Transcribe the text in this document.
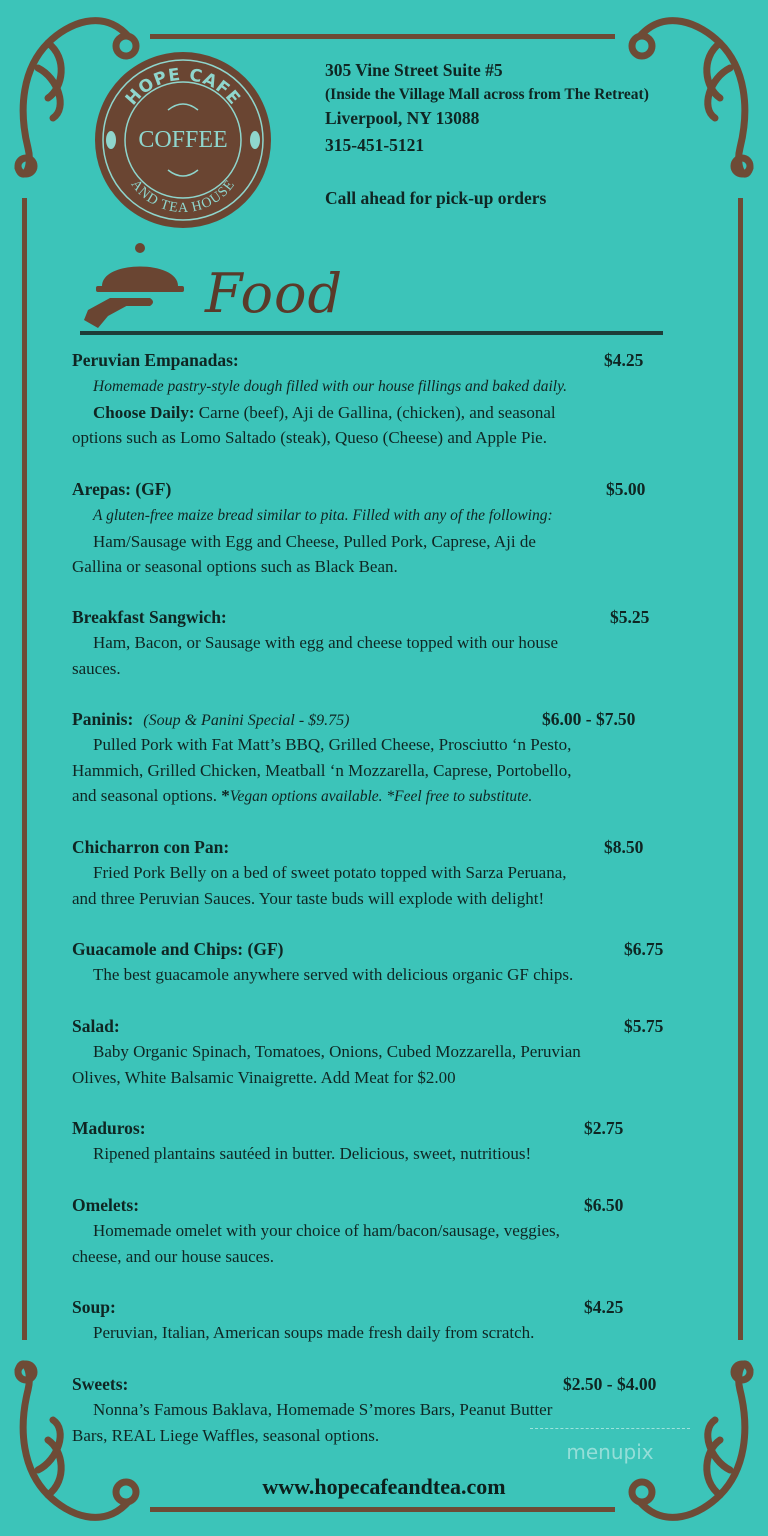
HOPE CAFE
AND TEA HOUSE
COFFEE
305 Vine Street Suite #5
(Inside the Village Mall across from The Retreat)
Liverpool, NY 13088
315-451-5121
Call ahead for pick-up orders
Food
Peruvian Empanadas:	$4.25
Homemade pastry-style dough filled with our house fillings and baked daily.
Choose Daily: Carne (beef), Aji de Gallina, (chicken), and seasonal
options such as Lomo Saltado (steak), Queso (Cheese) and Apple Pie.
Arepas: (GF)	$5.00
A gluten-free maize bread similar to pita. Filled with any of the following:
Ham/Sausage with Egg and Cheese, Pulled Pork, Caprese, Aji de
Gallina or seasonal options such as Black Bean.
Breakfast Sangwich:	$5.25
Ham, Bacon, or Sausage with egg and cheese topped with our house
sauces.
Paninis: (Soup & Panini Special - $9.75)	$6.00 - $7.50
Pulled Pork with Fat Matt’s BBQ, Grilled Cheese, Prosciutto ‘n Pesto,
Hammich, Grilled Chicken, Meatball ‘n Mozzarella, Caprese, Portobello,
and seasonal options. *Vegan options available. *Feel free to substitute.
Chicharron con Pan:	$8.50
Fried Pork Belly on a bed of sweet potato topped with Sarza Peruana,
and three Peruvian Sauces. Your taste buds will explode with delight!
Guacamole and Chips: (GF)	$6.75
The best guacamole anywhere served with delicious organic GF chips.
Salad:	$5.75
Baby Organic Spinach, Tomatoes, Onions, Cubed Mozzarella, Peruvian
Olives, White Balsamic Vinaigrette. Add Meat for $2.00
Maduros:	$2.75
Ripened plantains sautéed in butter. Delicious, sweet, nutritious!
Omelets:	$6.50
Homemade omelet with your choice of ham/bacon/sausage, veggies,
cheese, and our house sauces.
Soup:	$4.25
Peruvian, Italian, American soups made fresh daily from scratch.
Sweets:	$2.50 - $4.00
Nonna’s Famous Baklava, Homemade S’mores Bars, Peanut Butter
Bars, REAL Liege Waffles, seasonal options.
menupix
www.hopecafeandtea.com
